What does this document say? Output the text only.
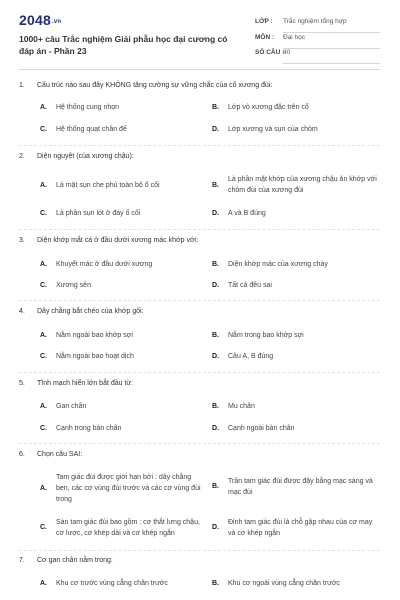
2048.vn
1000+ câu Trắc nghiệm Giải phẫu học đại cương có đáp án - Phần 23
LỚP : Trắc nghiệm tổng hợp
MÔN : Đại học
SỐ CÂU :
40
1.	Cấu trúc nào sau đây KHÔNG tăng cường sự vững chắc của cổ xương đùi:
A. Hệ thống cung nhọn	B. Lớp vỏ xương đặc trên cổ
C. Hệ thống quạt chân đế	D. Lớp xương và sụn của chỏm
2.	Diện nguyệt (của xương chậu):
A. Là mặt sụn che phủ toàn bộ ổ cối	B.
Là phần mặt khớp của xương chậu ăn khớp với chỏm đùi của xương đùi
C. Là phần sụn lót ở đáy ổ cối	D. A và B đúng
3.	Diện khớp mắt cá ở đầu dưới xương mác khớp với:
A. Khuyết mác ở đầu dưới xương	B. Diện khớp mác của xương chày
C. Xương sên	D. Tất cả đều sai
4.	Dây chằng bắt chéo của khớp gối:
A. Nằm ngoài bao khớp sợi	B. Nằm trong bao khớp sợi
C. Nằm ngoài bao hoạt dịch	D. Câu A, B đúng
5.	Tĩnh mạch hiển lớn bắt đầu từ:
A. Gan chân	B. Mu chân
C. Cạnh trong bàn chân	D. Cạnh ngoài bàn chân
6.	Chọn câu SAI:
A.
Tam giác đùi được giới hạn bởi : dây chằng bẹn, các cơ vùng đùi trước và các cơ vùng đùi trong
B.
Trần tam giác đùi được đậy bằng mạc sàng và mạc đùi
C.
Sàn tam giác đùi bao gồm : cơ thắt lưng chậu, cơ lược, cơ khép dài và cơ khép ngắn
D.
Đỉnh tam giác đùi là chỗ gặp nhau của cơ may và cơ khép ngắn
7.	Cơ gan chân nằm trong:
A. Khu cơ trước vùng cẳng chân trước	B. Khu cơ ngoài vùng cẳng chân trước
